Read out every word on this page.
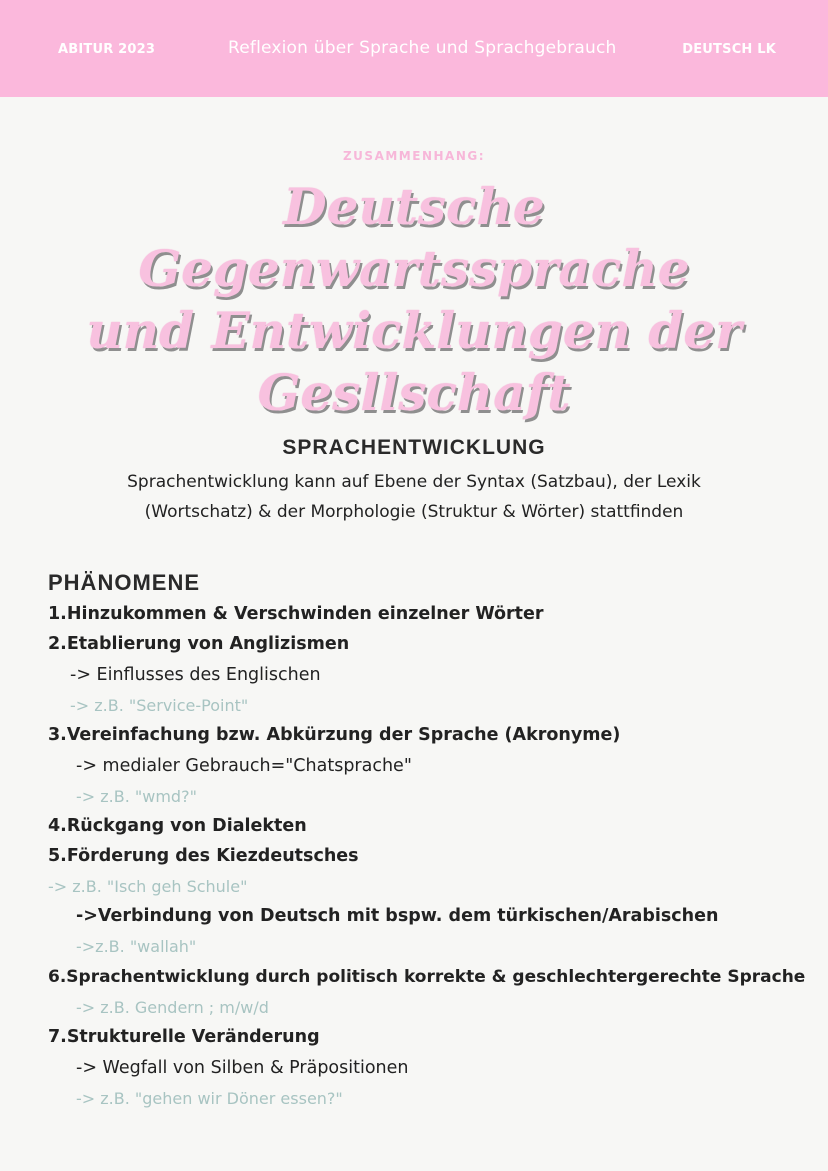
ABITUR 2023	Reflexion über Sprache und Sprachgebrauch	DEUTSCH LK
ZUSAMMENHANG:
Deutsche Gegenwartssprache
und Entwicklungen der
Gesllschaft
SPRACHENTWICKLUNG
Sprachentwicklung kann auf Ebene der Syntax (Satzbau), der Lexik
(Wortschatz) & der Morphologie (Struktur & Wörter) stattfinden
PHÄNOMENE
1.Hinzukommen & Verschwinden einzelner Wörter
2.Etablierung von Anglizismen
-> Einflusses des Englischen
-> z.B. "Service-Point"
3.Vereinfachung bzw. Abkürzung der Sprache (Akronyme)
-> medialer Gebrauch="Chatsprache"
-> z.B. "wmd?"
4.Rückgang von Dialekten
5.Förderung des Kiezdeutsches
-> z.B. "Isch geh Schule"
->Verbindung von Deutsch mit bspw. dem türkischen/Arabischen
->z.B. "wallah"
6.Sprachentwicklung durch politisch korrekte & geschlechtergerechte Sprache
-> z.B. Gendern ; m/w/d
7.Strukturelle Veränderung
-> Wegfall von Silben & Präpositionen
-> z.B. "gehen wir Döner essen?"
